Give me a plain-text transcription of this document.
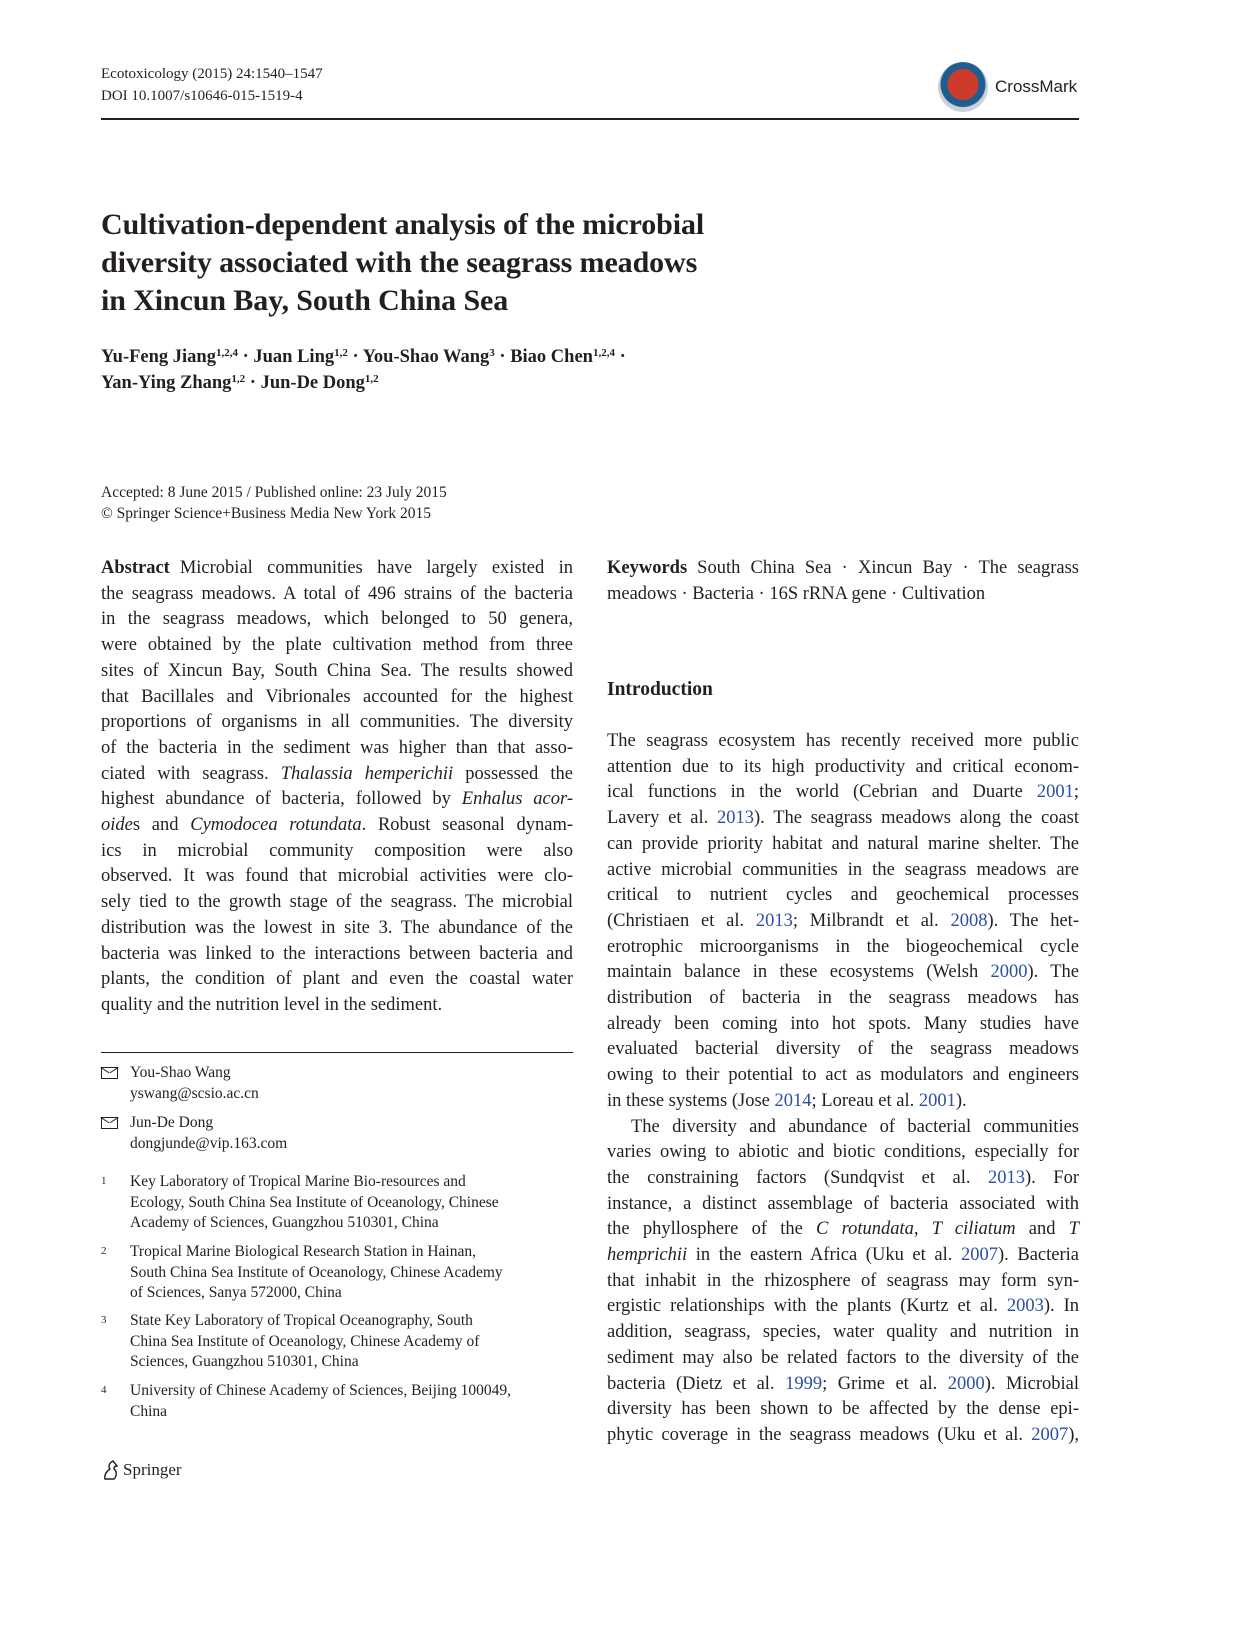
Ecotoxicology (2015) 24:1540–1547
DOI 10.1007/s10646-015-1519-4	CrossMark
Cultivation-dependent analysis of the microbial
diversity associated with the seagrass meadows
in Xincun Bay, South China Sea
Yu-Feng Jiang$^{1,2,4}$ · Juan Ling$^{1,2}$ · You-Shao Wang$^3$ · Biao Chen$^{1,2,4}$ ·
Yan-Ying Zhang$^{1,2}$ · Jun-De Dong$^{1,2}$
Accepted: 8 June 2015 / Published online: 23 July 2015
© Springer Science+Business Media New York 2015

Abstract Microbial communities have largely existed in

the seagrass meadows. A total of 496 strains of the bacteria

in the seagrass meadows, which belonged to 50 genera,

were obtained by the plate cultivation method from three

sites of Xincun Bay, South China Sea. The results showed

that Bacillales and Vibrionales accounted for the highest

proportions of organisms in all communities. The diversity

of the bacteria in the sediment was higher than that asso-

ciated with seagrass. Thalassia hemperichii possessed the

highest abundance of bacteria, followed by Enhalus acor-

oides and Cymodocea rotundata. Robust seasonal dynam-

ics in microbial community composition were also

observed. It was found that microbial activities were clo-

sely tied to the growth stage of the seagrass. The microbial

distribution was the lowest in site 3. The abundance of the

bacteria was linked to the interactions between bacteria and

plants, the condition of plant and even the coastal water

quality and the nutrition level in the sediment.

You-Shao Wang
yswang@scsio.ac.cn
Jun-De Dong
dongjunde@vip.163.com
1 Key Laboratory of Tropical Marine Bio-resources and
Ecology, South China Sea Institute of Oceanology, Chinese
Academy of Sciences, Guangzhou 510301, China
2 Tropical Marine Biological Research Station in Hainan,
South China Sea Institute of Oceanology, Chinese Academy
of Sciences, Sanya 572000, China
3 State Key Laboratory of Tropical Oceanography, South
China Sea Institute of Oceanology, Chinese Academy of
Sciences, Guangzhou 510301, China
4 University of Chinese Academy of Sciences, Beijing 100049,
China

Keywords South China Sea · Xincun Bay · The seagrass

meadows · Bacteria · 16S rRNA gene · Cultivation

Introduction

The seagrass ecosystem has recently received more public

attention due to its high productivity and critical econom-

ical functions in the world (Cebrian and Duarte 2001;

Lavery et al. 2013). The seagrass meadows along the coast

can provide priority habitat and natural marine shelter. The

active microbial communities in the seagrass meadows are

critical to nutrient cycles and geochemical processes

(Christiaen et al. 2013; Milbrandt et al. 2008). The het-

erotrophic microorganisms in the biogeochemical cycle

maintain balance in these ecosystems (Welsh 2000). The

distribution of bacteria in the seagrass meadows has

already been coming into hot spots. Many studies have

evaluated bacterial diversity of the seagrass meadows

owing to their potential to act as modulators and engineers

in these systems (Jose 2014; Loreau et al. 2001).

The diversity and abundance of bacterial communities

varies owing to abiotic and biotic conditions, especially for

the constraining factors (Sundqvist et al. 2013). For

instance, a distinct assemblage of bacteria associated with

the phyllosphere of the C rotundata, T ciliatum and T

hemprichii in the eastern Africa (Uku et al. 2007). Bacteria

that inhabit in the rhizosphere of seagrass may form syn-

ergistic relationships with the plants (Kurtz et al. 2003). In

addition, seagrass, species, water quality and nutrition in

sediment may also be related factors to the diversity of the

bacteria (Dietz et al. 1999; Grime et al. 2000). Microbial

diversity has been shown to be affected by the dense epi-

phytic coverage in the seagrass meadows (Uku et al. 2007),

Springer
